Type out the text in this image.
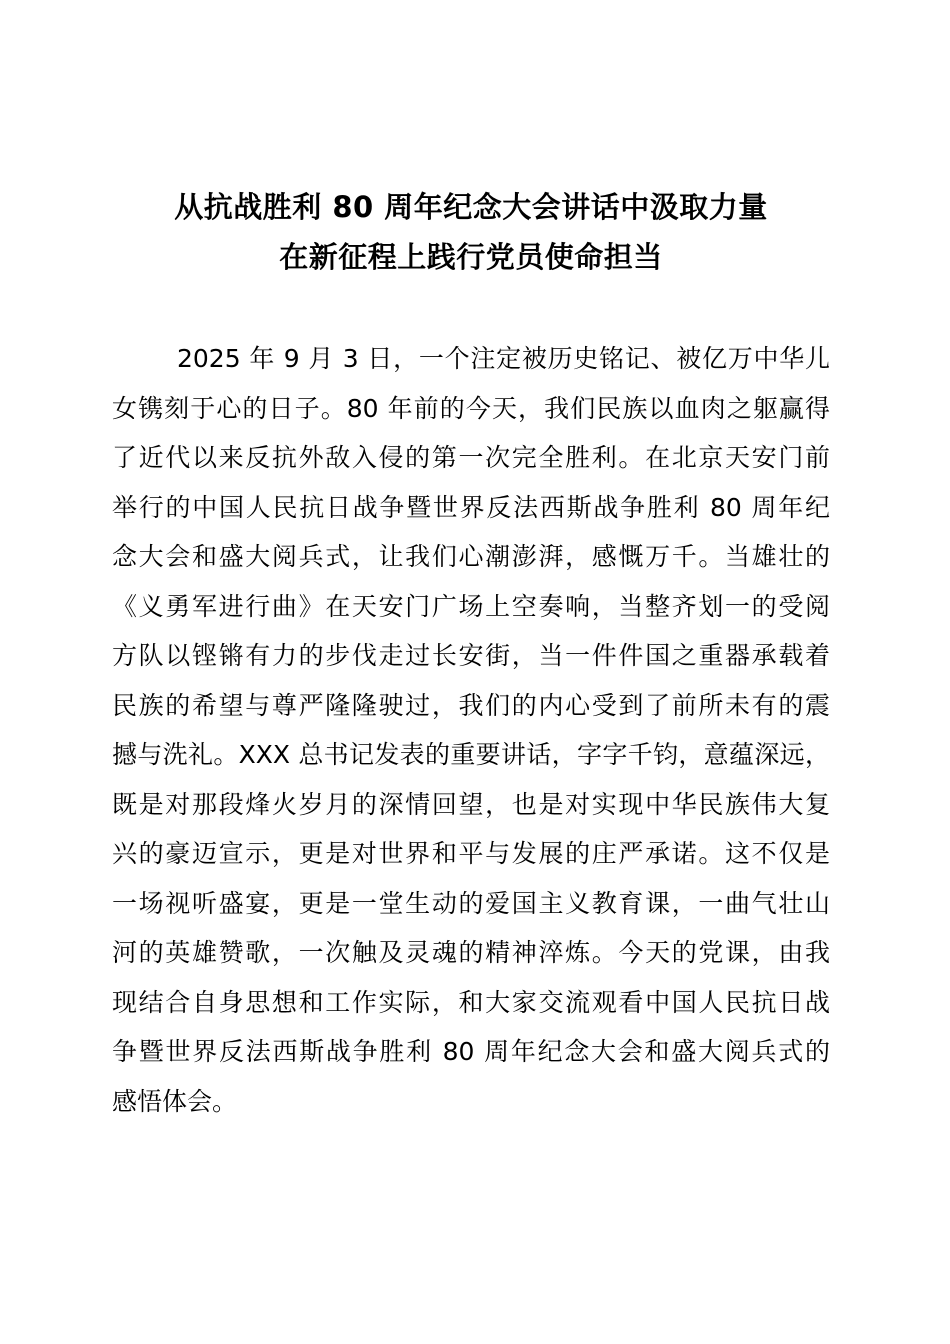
从抗战胜利 80 周年纪念大会讲话中汲取力量
在新征程上践行党员使命担当
2025 年 9 月 3 日，一个注定被历史铭记、被亿万中华儿
女镌刻于心的日子。80 年前的今天，我们民族以血肉之躯赢得
了近代以来反抗外敌入侵的第一次完全胜利。在北京天安门前
举行的中国人民抗日战争暨世界反法西斯战争胜利 80 周年纪
念大会和盛大阅兵式，让我们心潮澎湃，感慨万千。当雄壮的
《义勇军进行曲》在天安门广场上空奏响，当整齐划一的受阅
方队以铿锵有力的步伐走过长安街，当一件件国之重器承载着
民族的希望与尊严隆隆驶过，我们的内心受到了前所未有的震
撼与洗礼。XXX 总书记发表的重要讲话，字字千钧，意蕴深远，
既是对那段烽火岁月的深情回望，也是对实现中华民族伟大复
兴的豪迈宣示，更是对世界和平与发展的庄严承诺。这不仅是
一场视听盛宴，更是一堂生动的爱国主义教育课，一曲气壮山
河的英雄赞歌，一次触及灵魂的精神淬炼。今天的党课，由我
现结合自身思想和工作实际，和大家交流观看中国人民抗日战
争暨世界反法西斯战争胜利 80 周年纪念大会和盛大阅兵式的
感悟体会。
